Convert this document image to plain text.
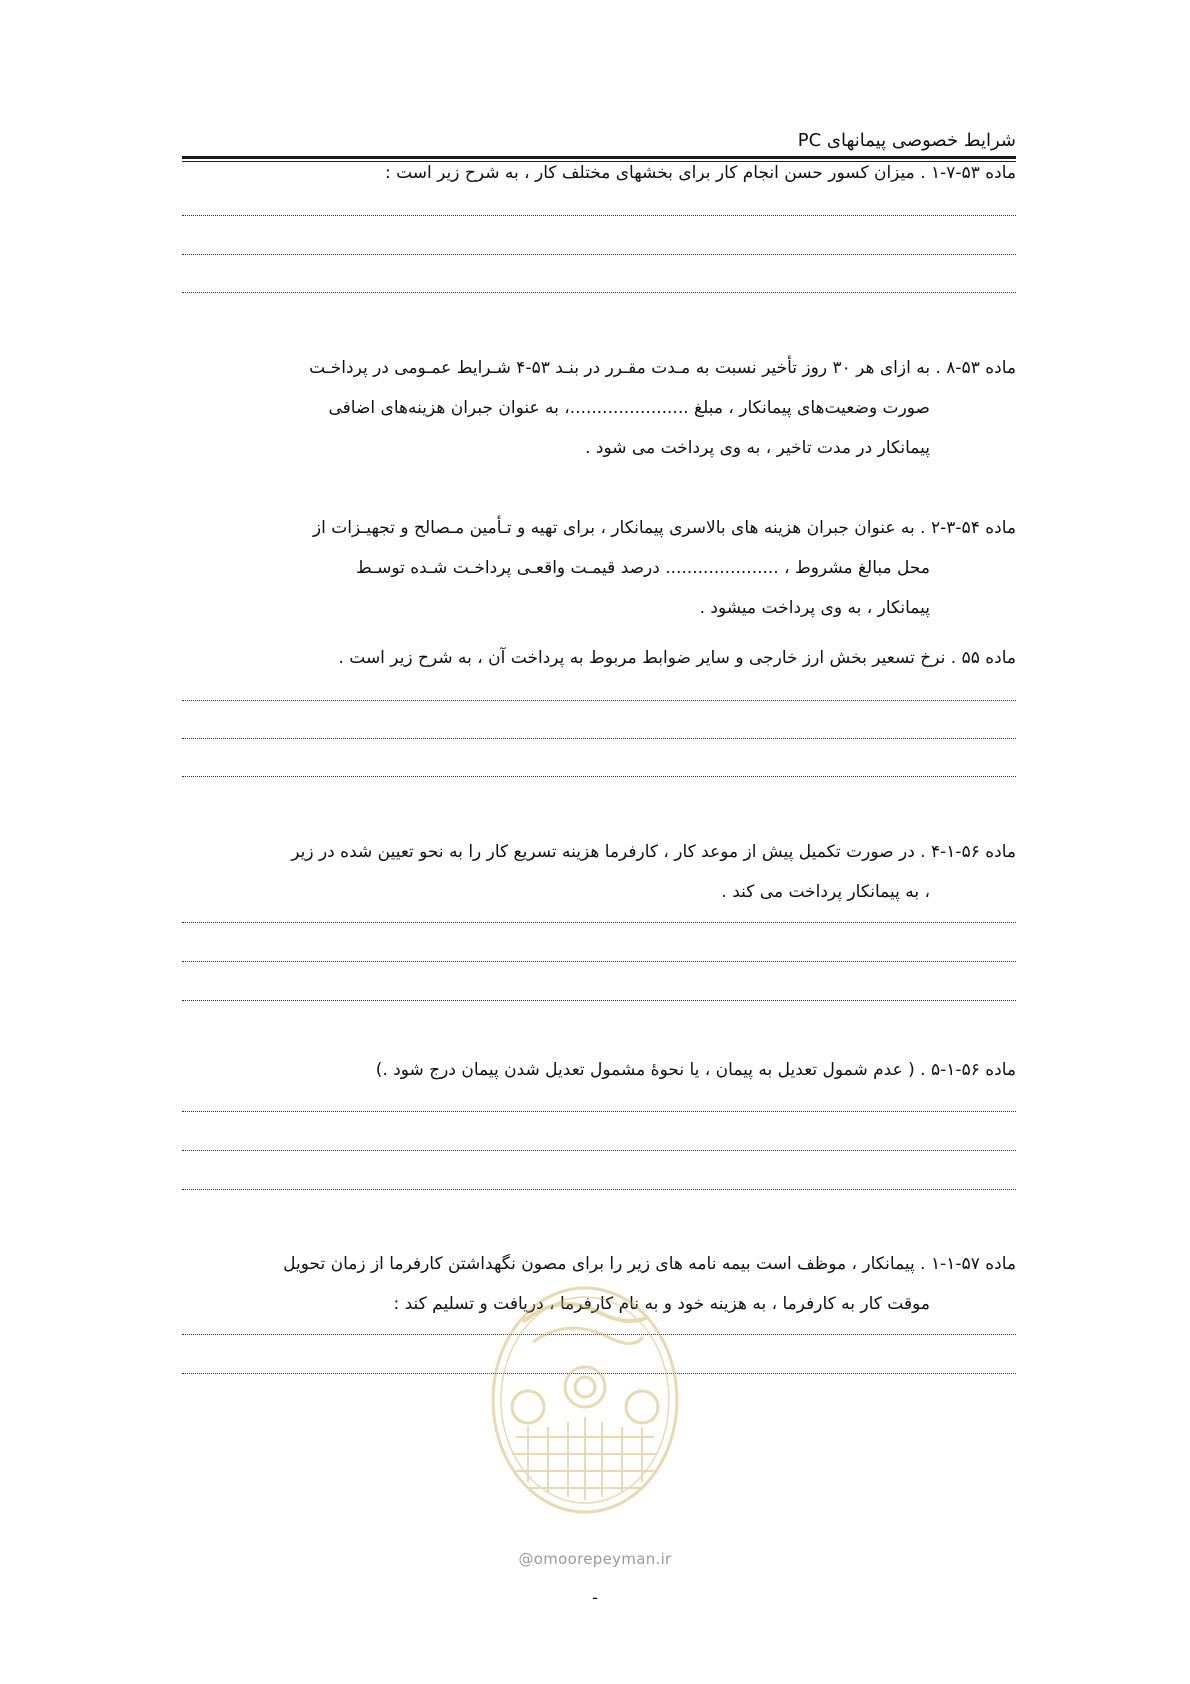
شرایط خصوصی پیمانهای PC
ماده ۵۳-۷-۱ . میزان کسور حسن انجام کار برای بخشهای مختلف کار ، به شرح زیر است :
ماده ۵۳-۸ . به ازای هر ۳۰ روز تأخیر نسبت به مـدت مقـرر در بنـد ۵۳-۴ شـرایط عمـومی در پرداخـت
صورت وضعیت‌های پیمانکار ، مبلغ ......................، به عنوان جبران هزینه‌های اضافی
پیمانکار در مدت تاخیر ، به وی پرداخت می شود .
ماده ۵۴-۳-۲ . به عنوان جبران هزینه های بالاسری پیمانکار ، برای تهیه و تـأمین مـصالح و تجهیـزات از
محل مبالغ مشروط ، ..................... درصد قیمـت واقعـی پرداخـت شـده توسـط
پیمانکار ، به وی پرداخت میشود .
ماده ۵۵ . نرخ تسعیر بخش ارز خارجی و سایر ضوابط مربوط به پرداخت آن ، به شرح زیر است .
ماده ۵۶-۱-۴ . در صورت تکمیل پیش از موعد کار ، کارفرما هزینه تسریع کار را به نحو تعیین شده در زیر
، به پیمانکار پرداخت می کند .
ماده ۵۶-۱-۵ . ( عدم شمول تعدیل به پیمان ، یا نحوهٔ مشمول تعدیل شدن پیمان درج شود .)
ماده ۵۷-۱-۱ . پیمانکار ، موظف است بیمه نامه های زیر را برای مصون نگهداشتن کارفرما از زمان تحویل
موقت کار به کارفرما ، به هزینه خود و به نام کارفرما ، دریافت و تسلیم کند :
@omoorepeyman.ir
-
